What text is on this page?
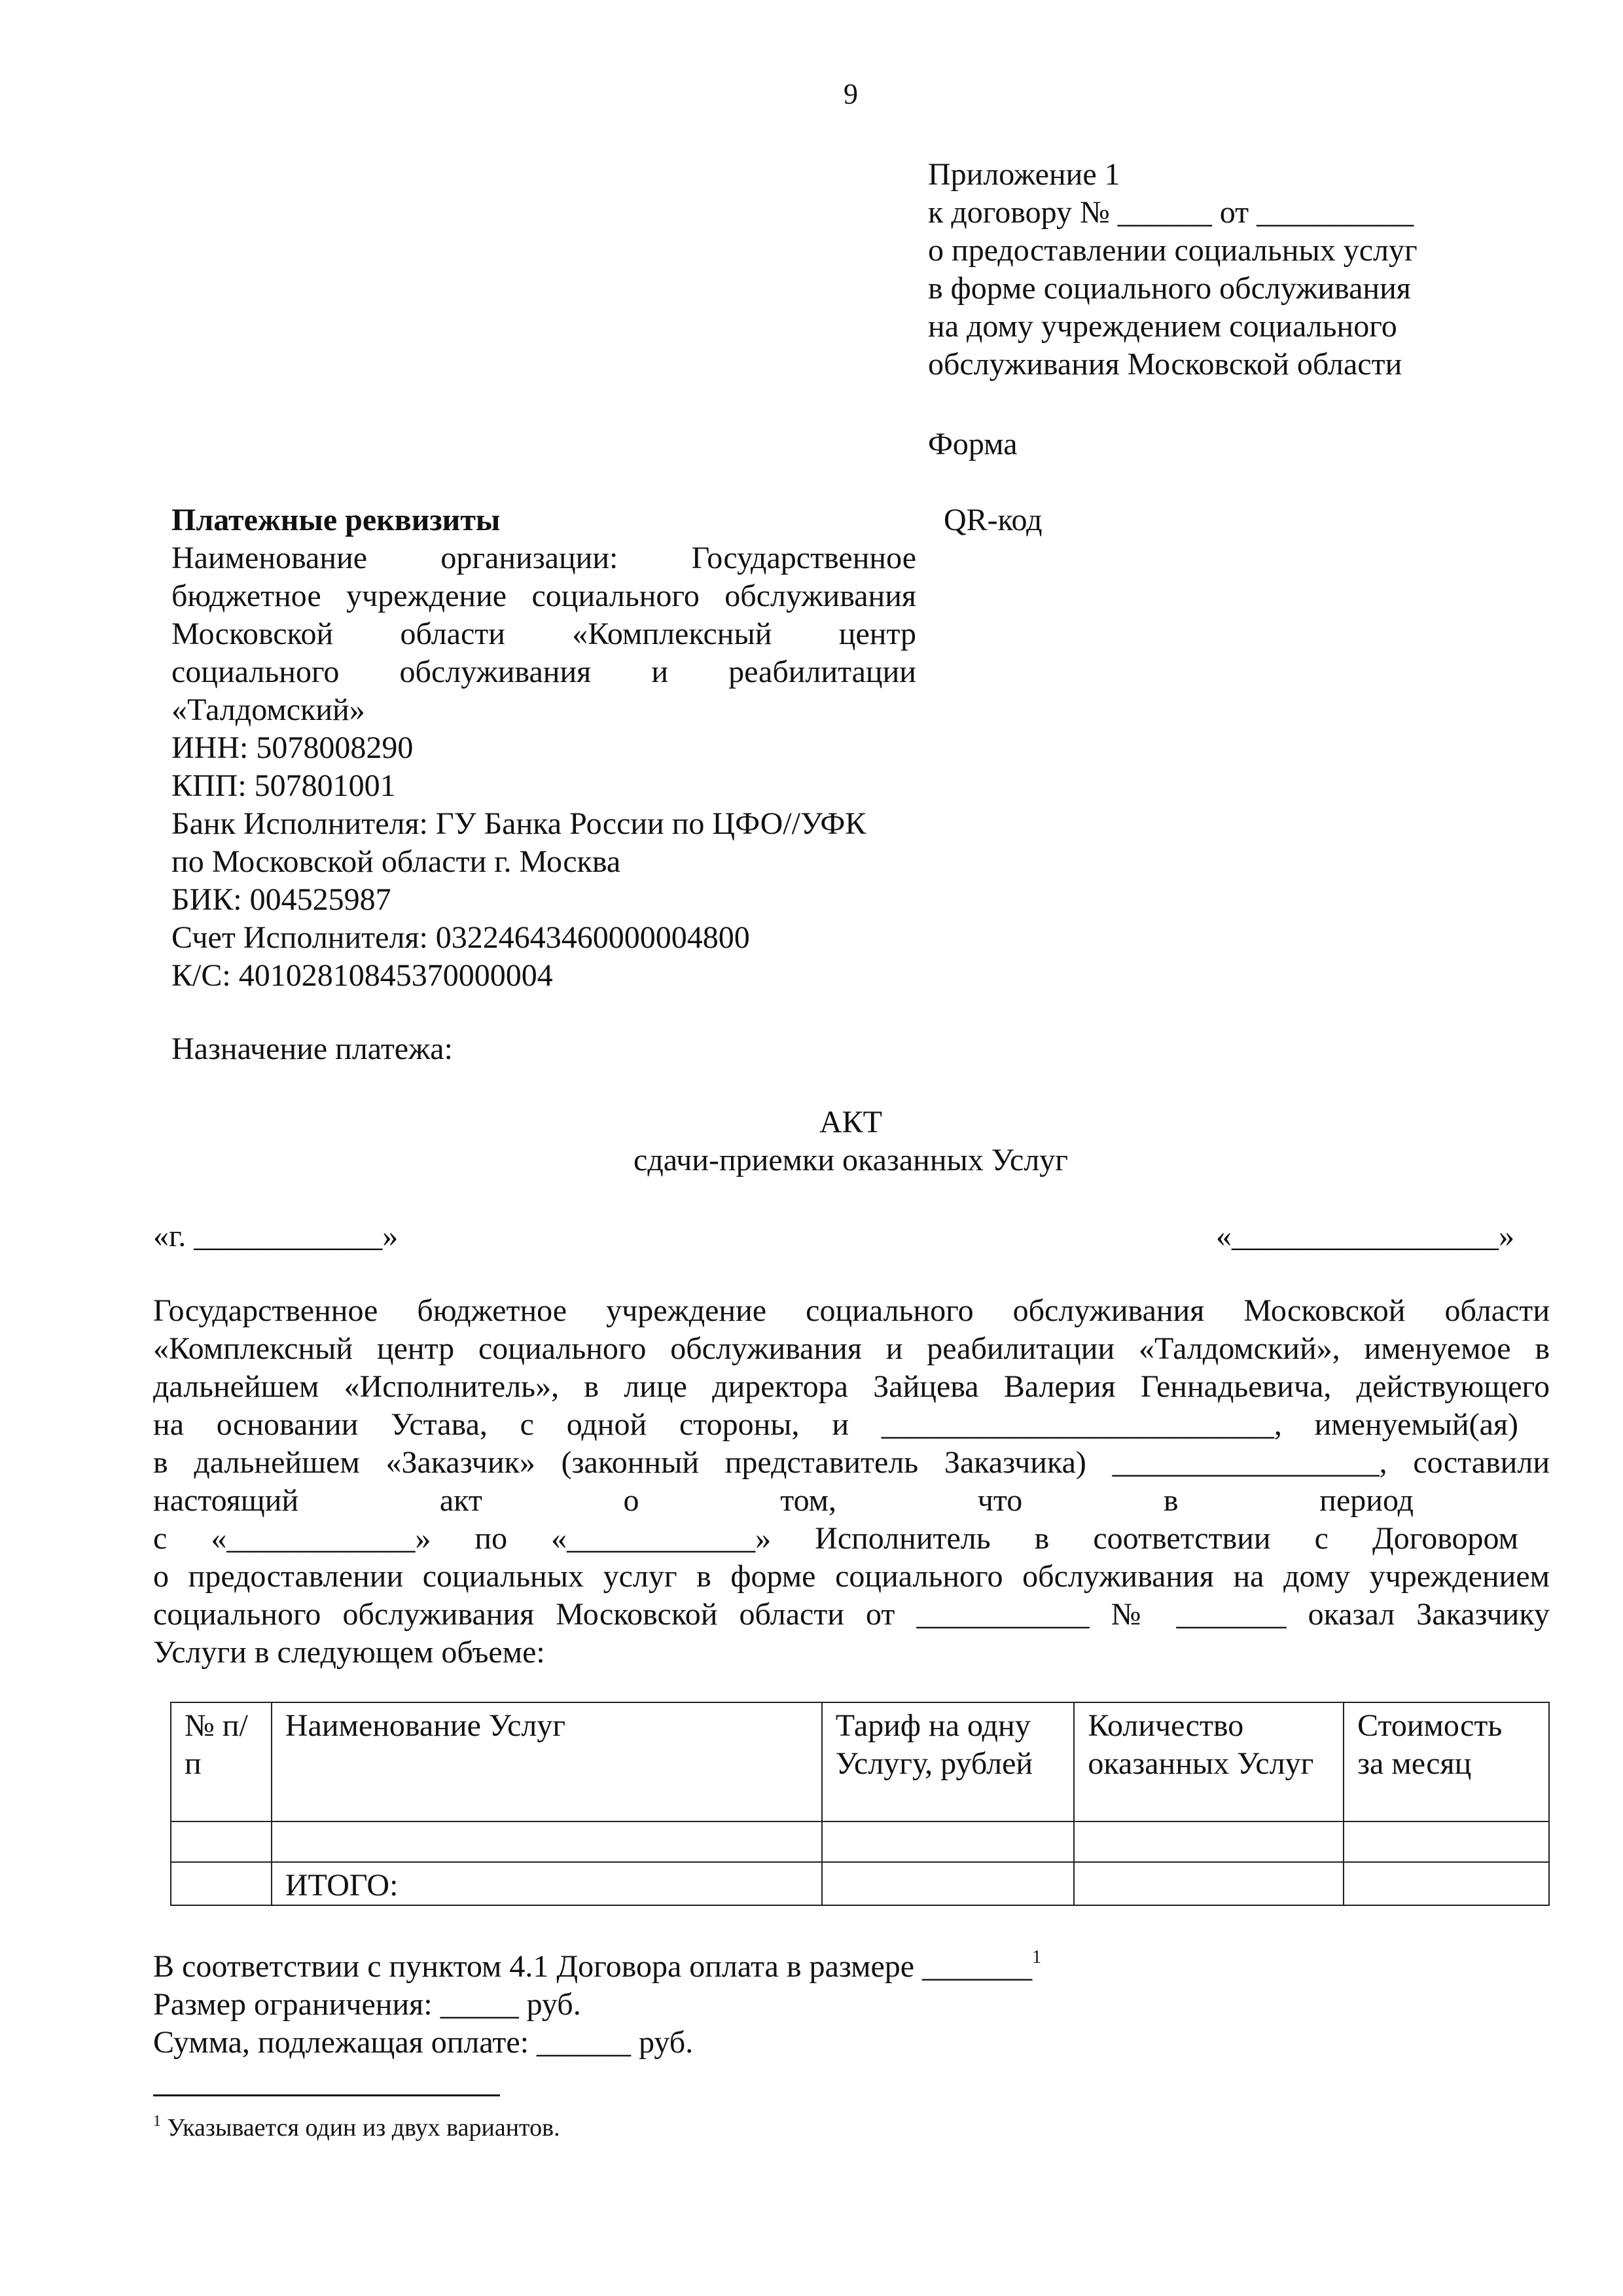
9
Приложение 1
к договору № ______ от __________
о предоставлении социальных услуг
в форме социального обслуживания
на дому учреждением социального
обслуживания Московской области
Форма
QR-код
Платежные реквизиты
Наименование организации: Государственное
бюджетное учреждение социального обслуживания
Московской области «Комплексный центр
социального обслуживания и реабилитации
«Талдомский»
ИНН: 5078008290
КПП: 507801001
Банк Исполнителя: ГУ Банка России по ЦФО//УФК
по Московской области г. Москва
БИК: 004525987
Счет Исполнителя: 03224643460000004800
К/С: 40102810845370000004
Назначение платежа:
АКТ
сдачи-приемки оказанных Услуг
«г. ____________»	«_________________»
Государственное бюджетное учреждение социального обслуживания Московской области
«Комплексный центр социального обслуживания и реабилитации «Талдомский», именуемое в
дальнейшем «Исполнитель», в лице директора Зайцева Валерия Геннадьевича, действующего
на основании Устава, с одной стороны, и _________________________, именуемый(ая)
в дальнейшем «Заказчик» (законный представитель Заказчика) _________________, составили
настоящий акт о том, что в период
с «____________» по «____________» Исполнитель в соответствии с Договором
о предоставлении социальных услуг в форме социального обслуживания на дому учреждением
социального обслуживания Московской области от ___________ № _______ оказал Заказчику
Услуги в следующем объеме:
№ п/ п	Наименование Услуг	Тариф на одну Услугу, рублей	Количество оказанных Услуг	Стоимость за месяц

	ИТОГО:			
В соответствии с пунктом 4.1 Договора оплата в размере _______$^1$
Размер ограничения: _____ руб.
Сумма, подлежащая оплате: ______ руб.
$^1$ Указывается один из двух вариантов.
